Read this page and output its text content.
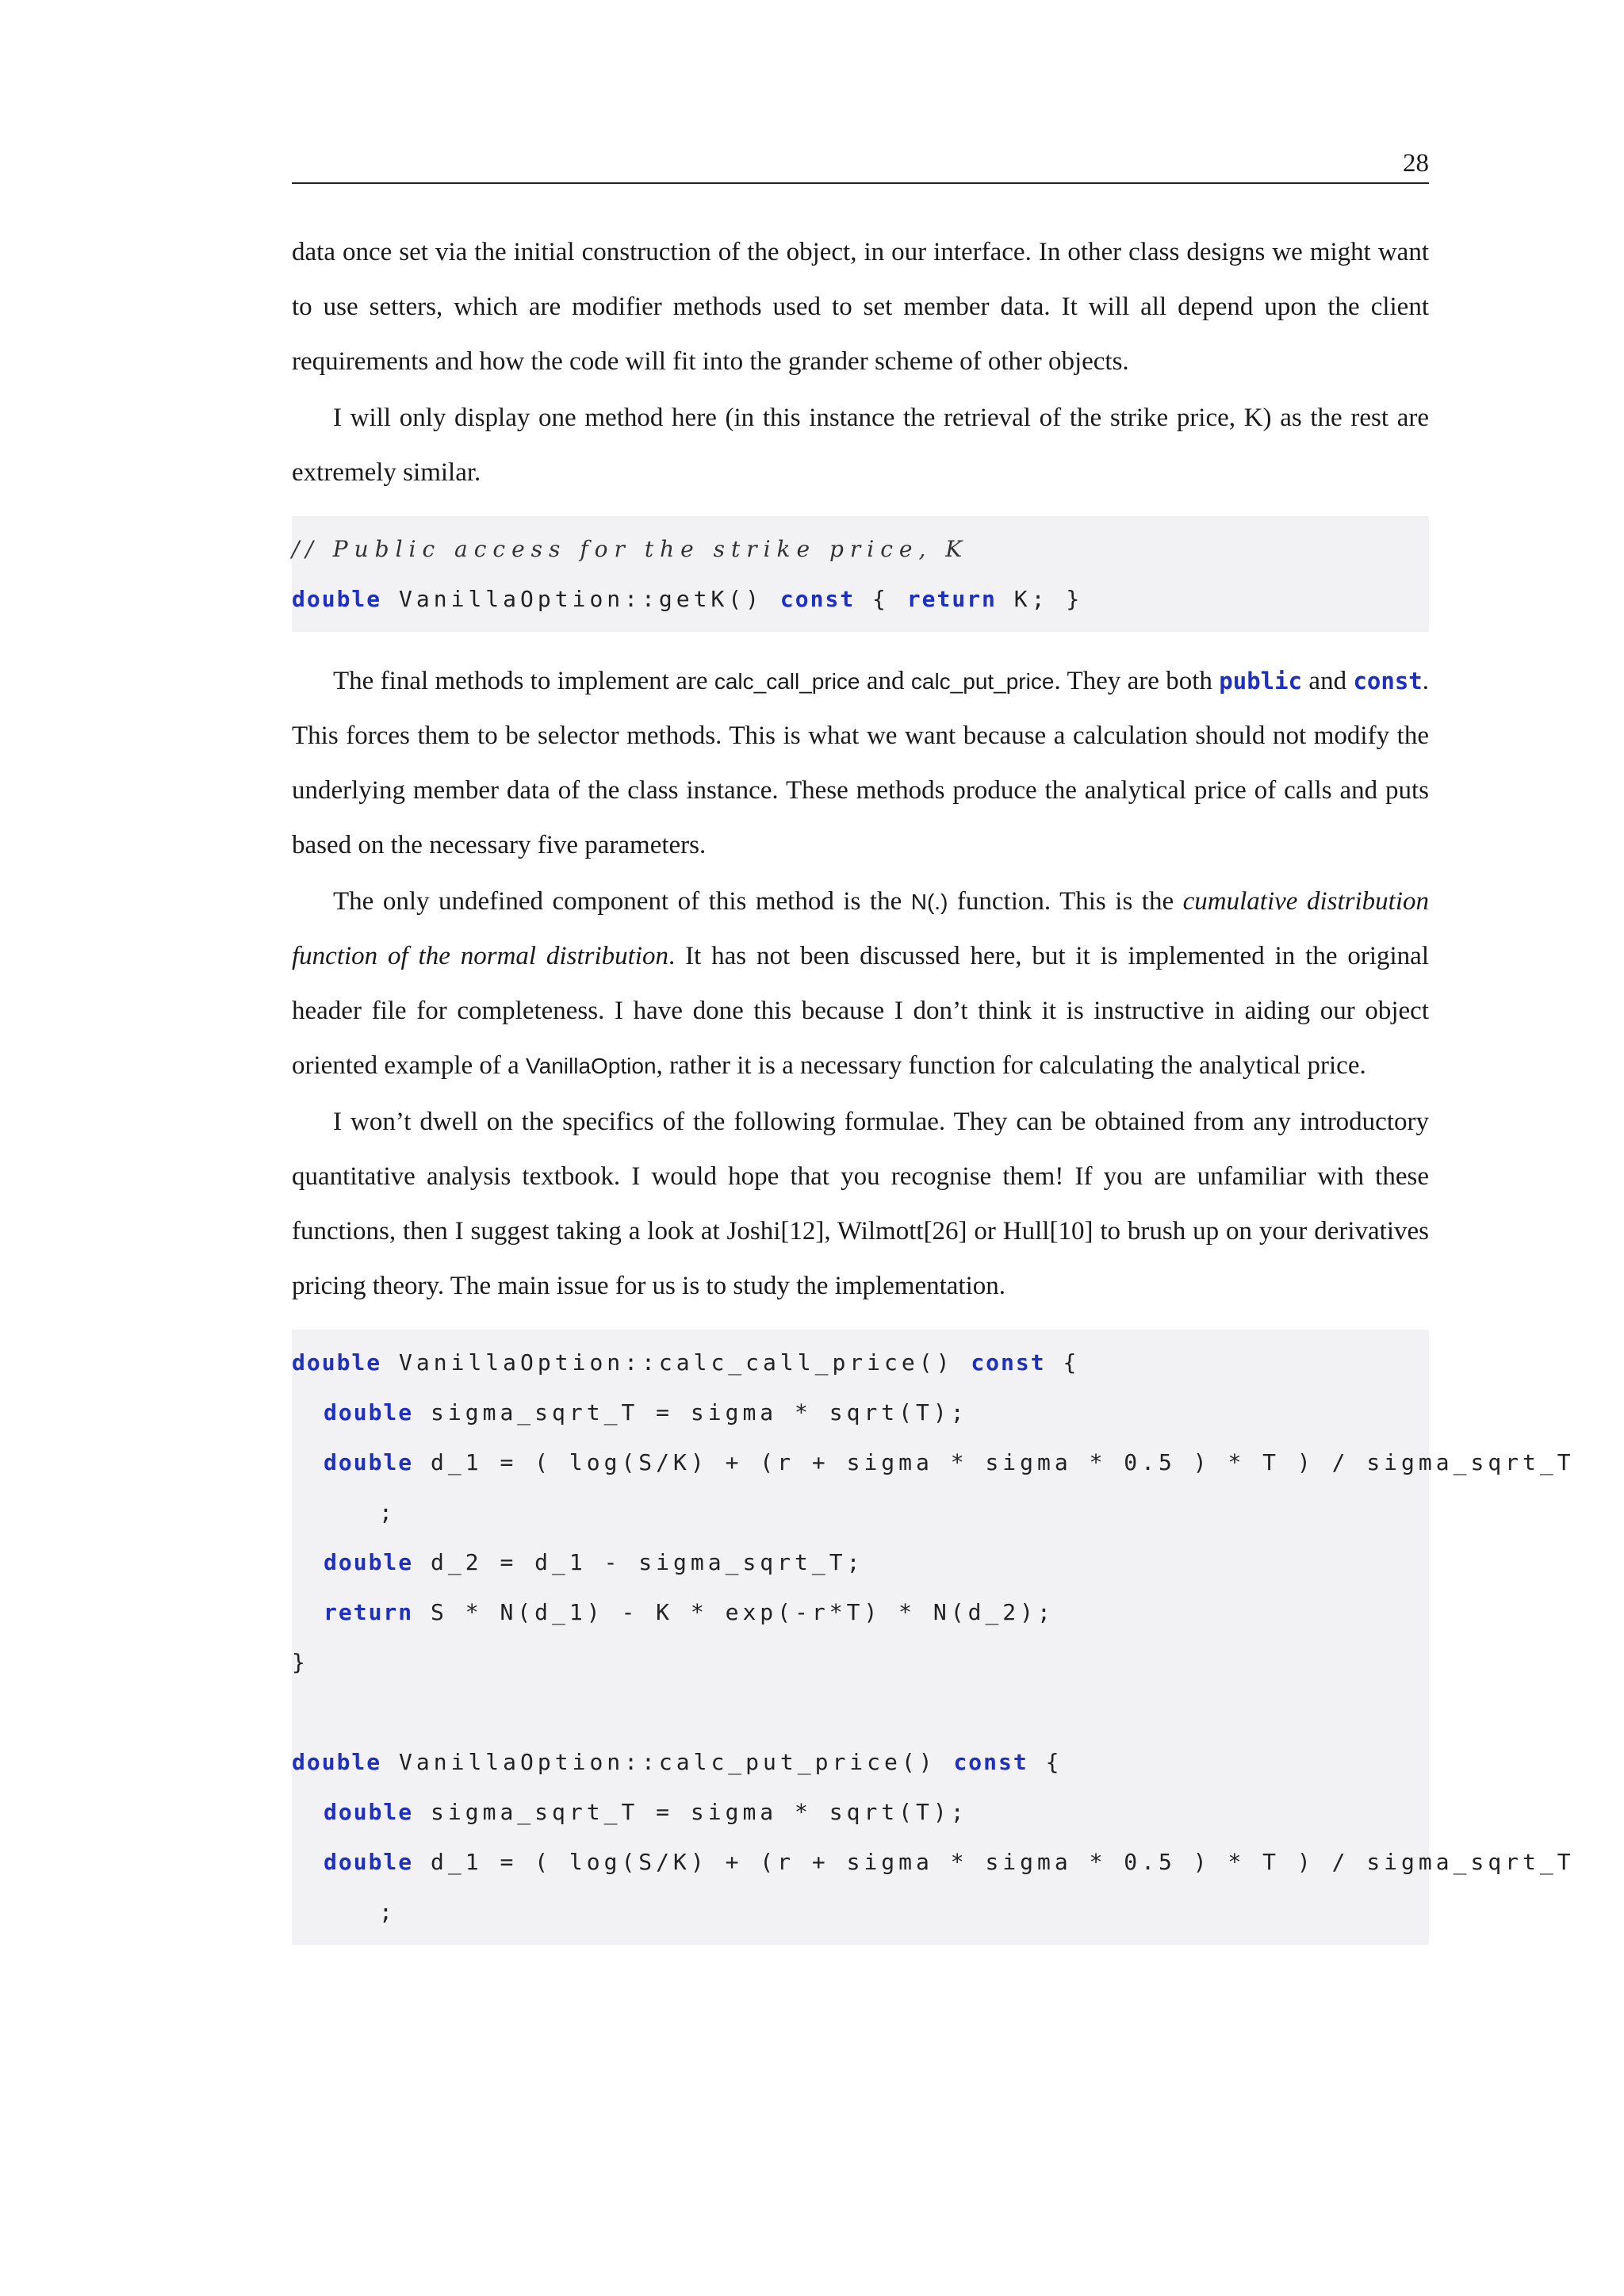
28

data once set via the initial construction of the object, in our interface. In other class designs we might want to use setters, which are modifier methods used to set member data. It will all depend upon the client requirements and how the code will fit into the grander scheme of other objects.

I will only display one method here (in this instance the retrieval of the strike price, K) as the rest are extremely similar.

// Public access for the strike price, K
double VanillaOption::getK() const { return K; }

The final methods to implement are calc_call_price and calc_put_price. They are both public and const. This forces them to be selector methods. This is what we want because a calculation should not modify the underlying member data of the class instance. These methods produce the analytical price of calls and puts based on the necessary five parameters.

The only undefined component of this method is the N(.) function. This is the cumulative distribution function of the normal distribution. It has not been discussed here, but it is implemented in the original header file for completeness. I have done this because I don’t think it is instructive in aiding our object oriented example of a VanillaOption, rather it is a necessary function for calculating the analytical price.

I won’t dwell on the specifics of the following formulae. They can be obtained from any introductory quantitative analysis textbook. I would hope that you recognise them! If you are unfamiliar with these functions, then I suggest taking a look at Joshi[12], Wilmott[26] or Hull[10] to brush up on your derivatives pricing theory. The main issue for us is to study the implementation.

double VanillaOption::calc_call_price() const {
double sigma_sqrt_T = sigma * sqrt(T);
double d_1 = ( log(S/K) + (r + sigma * sigma * 0.5 ) * T ) / sigma_sqrt_T
;
double d_2 = d_1 - sigma_sqrt_T;
return S * N(d_1) - K * exp(-r*T) * N(d_2);
}
double VanillaOption::calc_put_price() const {
double sigma_sqrt_T = sigma * sqrt(T);
double d_1 = ( log(S/K) + (r + sigma * sigma * 0.5 ) * T ) / sigma_sqrt_T
;
